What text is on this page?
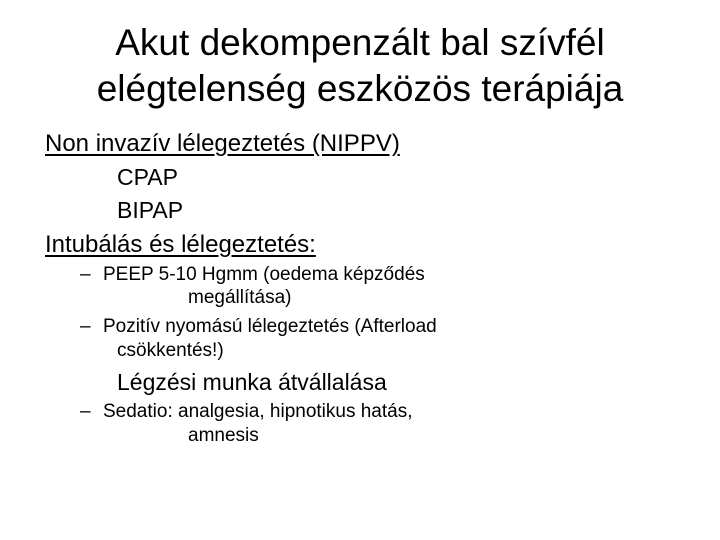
Akut dekompenzált bal szívfél
elégtelenség eszközös terápiája
Non invazív lélegeztetés (NIPPV)
CPAP
BIPAP
Intubálás és lélegeztetés:
– PEEP 5-10 Hgmm (oedema képződés
megállítása)
– Pozitív nyomású lélegeztetés (Afterload
csökkentés!)
Légzési munka átvállalása
– Sedatio: analgesia, hipnotikus hatás,
amnesis
